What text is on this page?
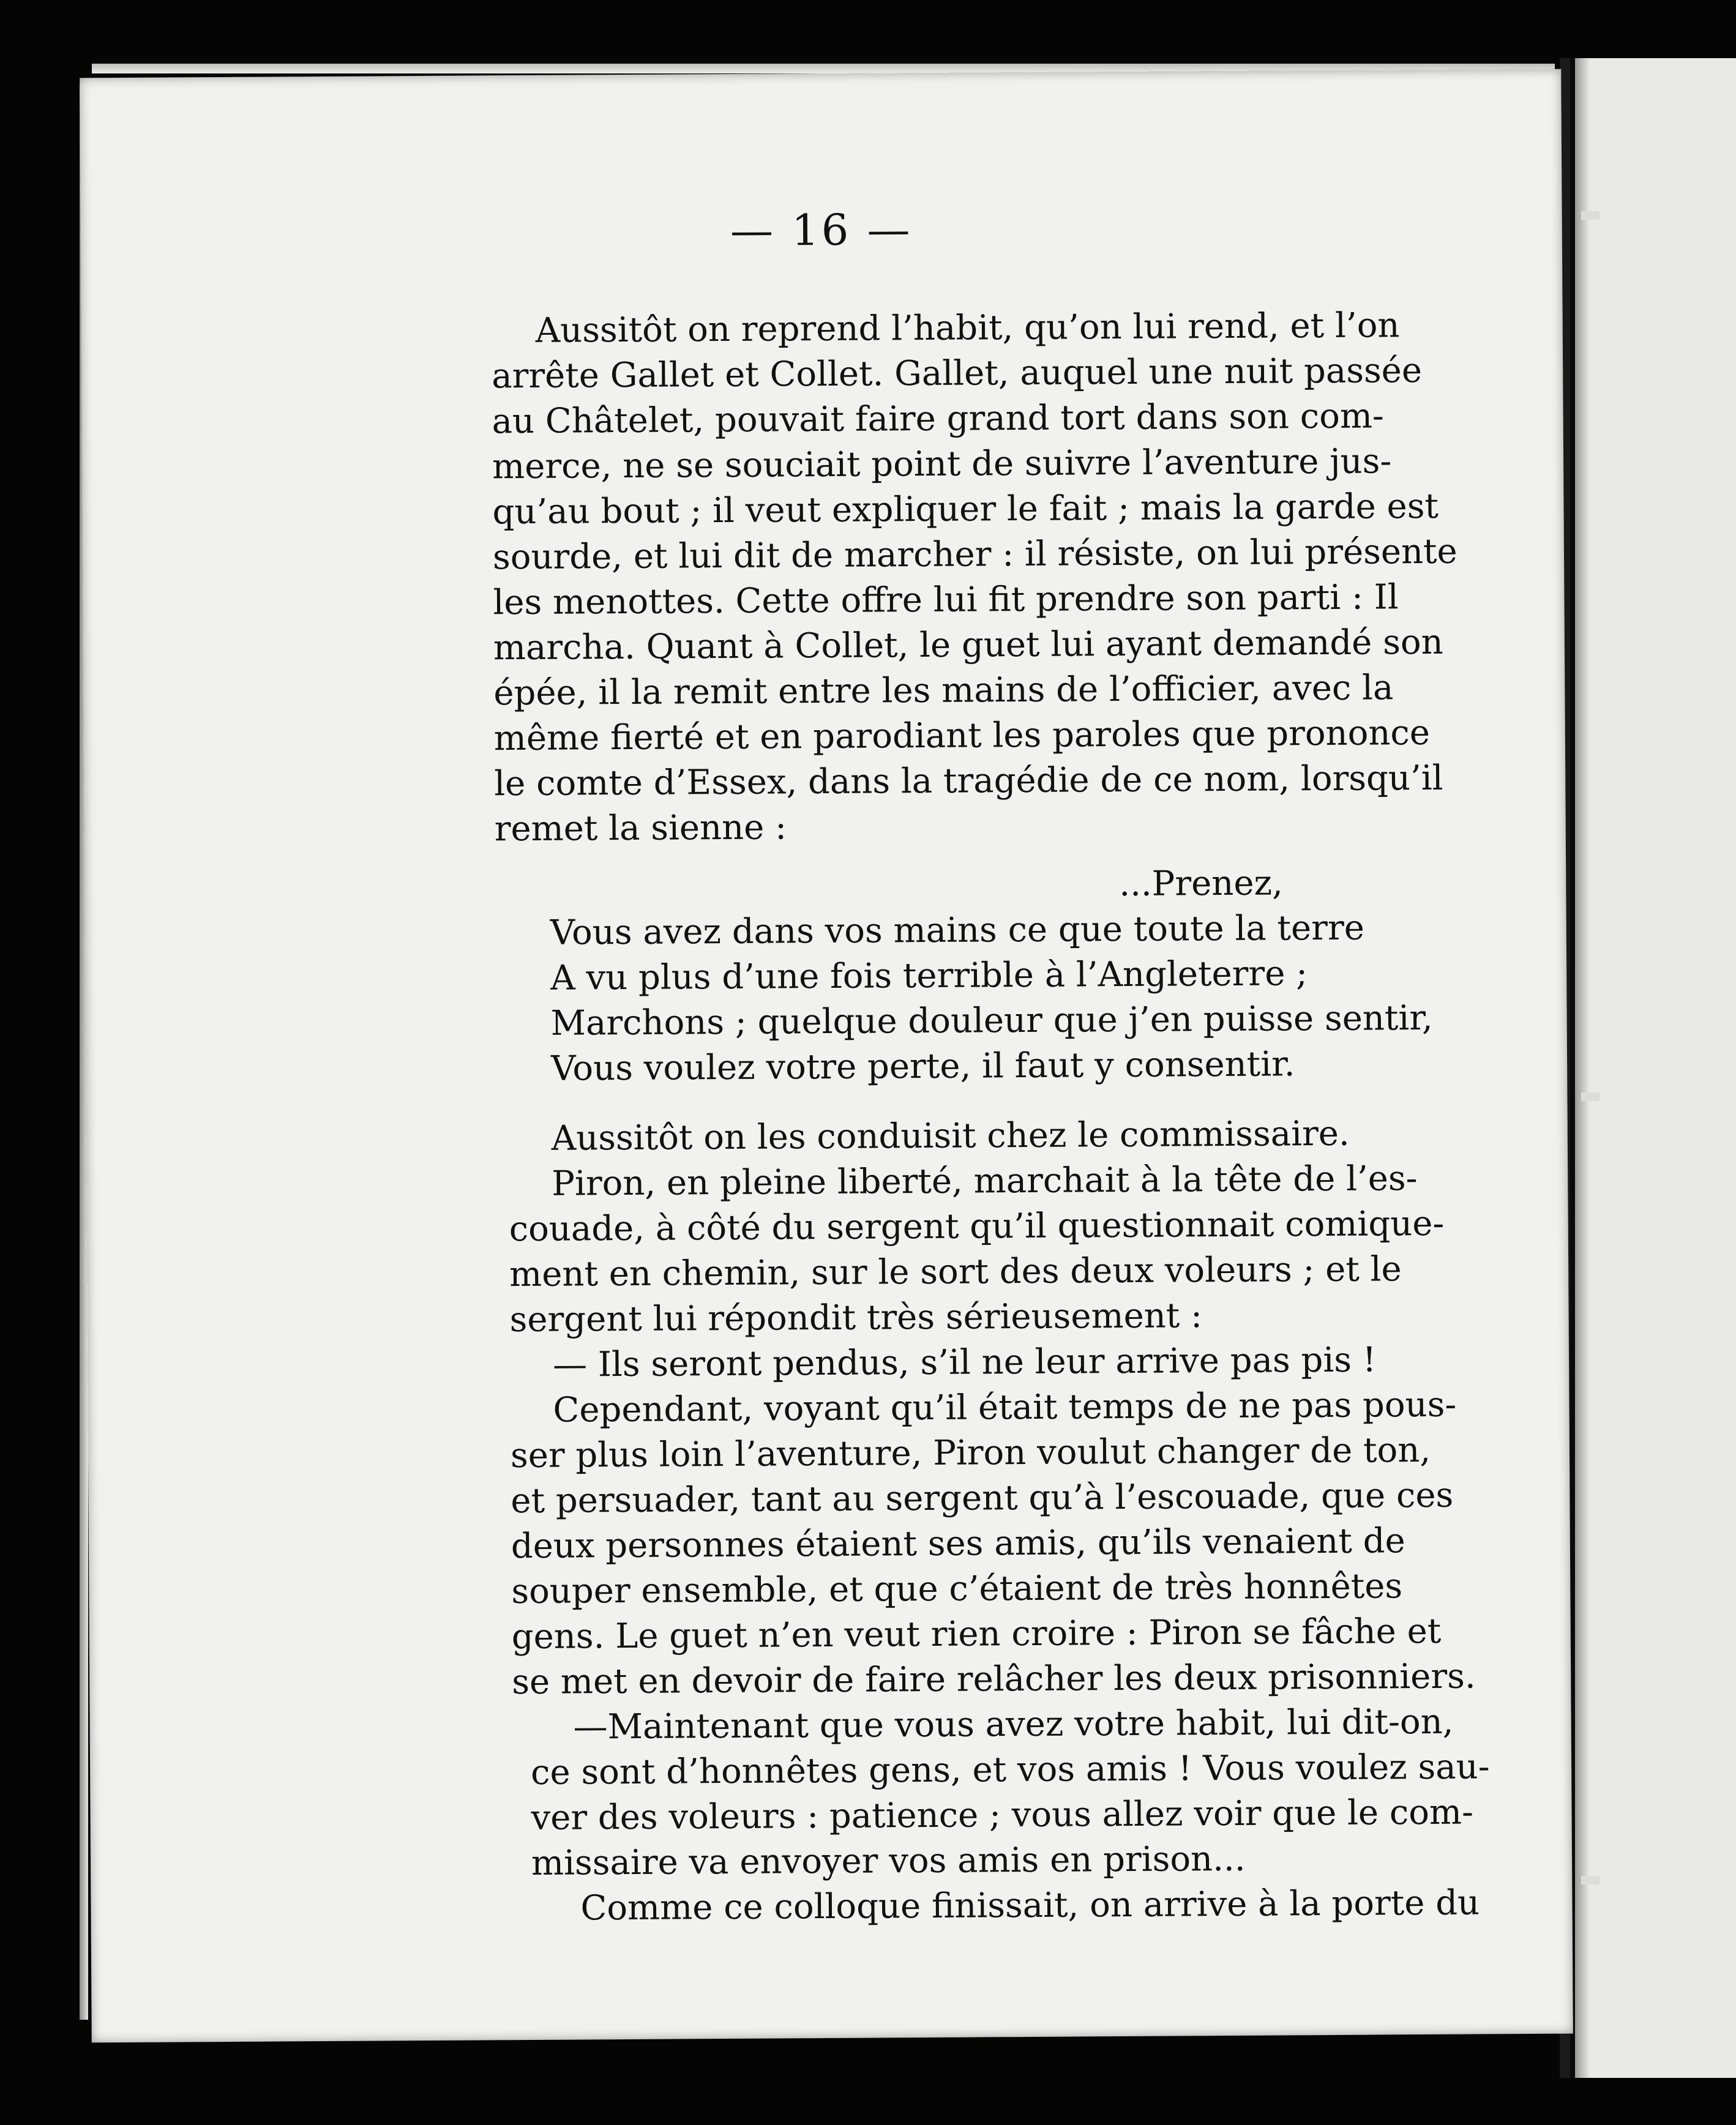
— 16 —
Aussitôt on reprend l’habit, qu’on lui rend, et l’on
arrête Gallet et Collet. Gallet, auquel une nuit passée
au Châtelet, pouvait faire grand tort dans son com-
merce, ne se souciait point de suivre l’aventure jus-
qu’au bout ; il veut expliquer le fait ; mais la garde est
sourde, et lui dit de marcher : il résiste, on lui présente
les menottes. Cette offre lui fit prendre son parti : Il
marcha. Quant à Collet, le guet lui ayant demandé son
épée, il la remit entre les mains de l’officier, avec la
même fierté et en parodiant les paroles que prononce
le comte d’Essex, dans la tragédie de ce nom, lorsqu’il
remet la sienne :
...Prenez,
Vous avez dans vos mains ce que toute la terre
A vu plus d’une fois terrible à l’Angleterre ;
Marchons ; quelque douleur que j’en puisse sentir,
Vous voulez votre perte, il faut y consentir.
Aussitôt on les conduisit chez le commissaire.
Piron, en pleine liberté, marchait à la tête de l’es-
couade, à côté du sergent qu’il questionnait comique-
ment en chemin, sur le sort des deux voleurs ; et le
sergent lui répondit très sérieusement :
— Ils seront pendus, s’il ne leur arrive pas pis !
Cependant, voyant qu’il était temps de ne pas pous-
ser plus loin l’aventure, Piron voulut changer de ton,
et persuader, tant au sergent qu’à l’escouade, que ces
deux personnes étaient ses amis, qu’ils venaient de
souper ensemble, et que c’étaient de très honnêtes
gens. Le guet n’en veut rien croire : Piron se fâche et
se met en devoir de faire relâcher les deux prisonniers.
—Maintenant que vous avez votre habit, lui dit-on,
ce sont d’honnêtes gens, et vos amis ! Vous voulez sau-
ver des voleurs : patience ; vous allez voir que le com-
missaire va envoyer vos amis en prison...
Comme ce colloque finissait, on arrive à la porte du
